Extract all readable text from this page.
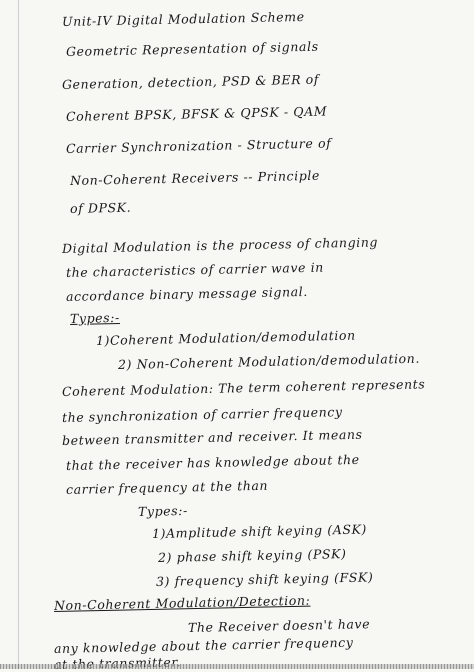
Unit-IV Digital Modulation Scheme
Geometric Representation of signals
Generation, detection, PSD & BER of
Coherent BPSK, BFSK & QPSK - QAM
Carrier Synchronization - Structure of
Non-Coherent Receivers -- Principle
of DPSK.
Digital Modulation is the process of changing
the characteristics of carrier wave in
accordance binary message signal.
Types:-
1)Coherent Modulation/demodulation
2) Non-Coherent Modulation/demodulation.
Coherent Modulation: The term coherent represents
the synchronization of carrier frequency
between transmitter and receiver. It means
that the receiver has knowledge about the
carrier frequency at the than
Types:-
1)Amplitude shift keying (ASK)
2) phase shift keying (PSK)
3) frequency shift keying (FSK)
Non-Coherent Modulation/Detection:
The Receiver doesn't have
any knowledge about the carrier frequency
